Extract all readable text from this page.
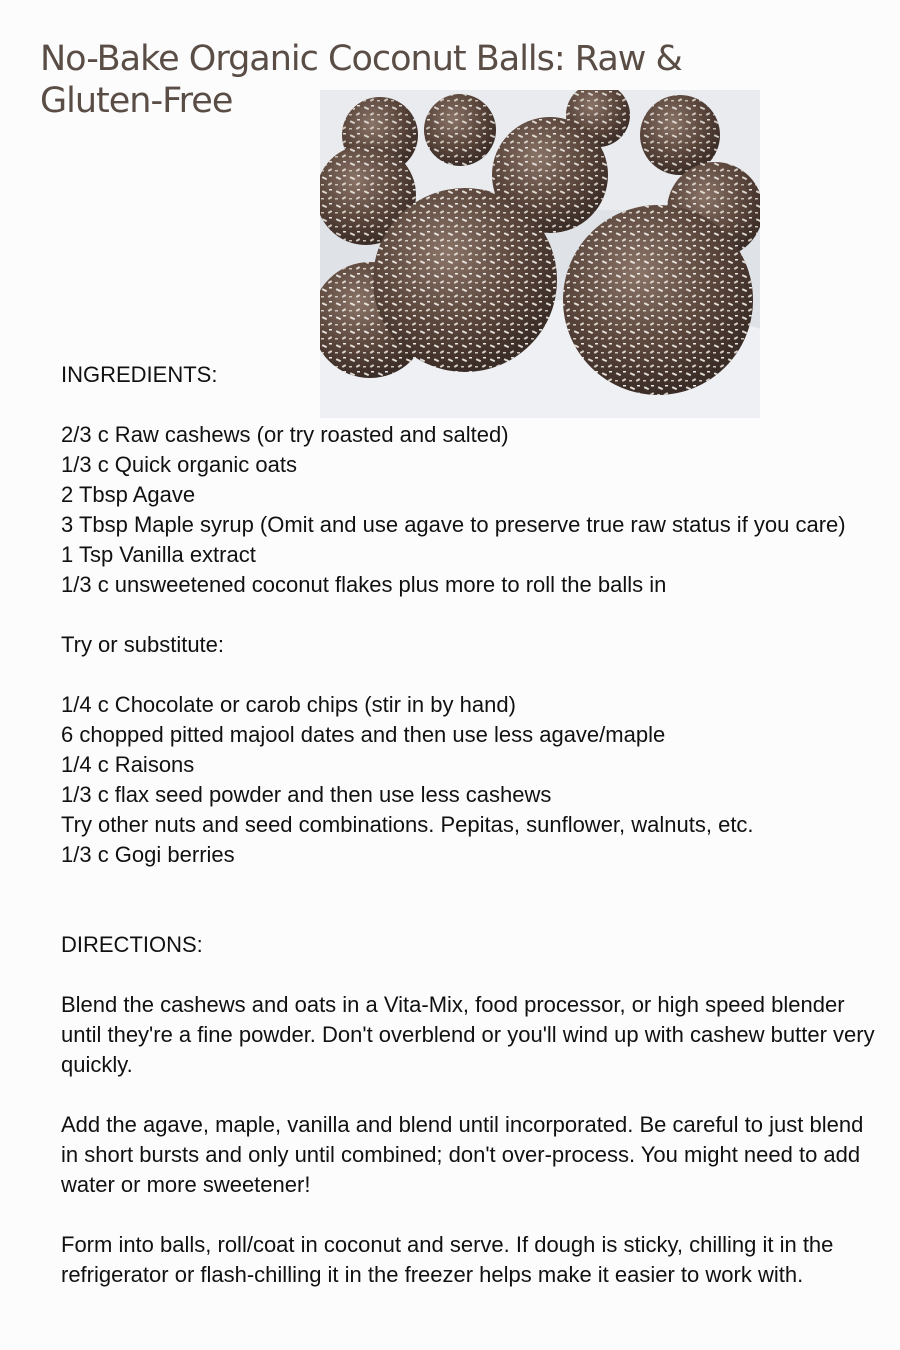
No-Bake Organic Coconut Balls: Raw & Gluten-Free
INGREDIENTS:
2/3 c Raw cashews (or try roasted and salted)
1/3 c Quick organic oats
2 Tbsp Agave
3 Tbsp Maple syrup (Omit and use agave to preserve true raw status if you care)
1 Tsp Vanilla extract
1/3 c unsweetened coconut flakes plus more to roll the balls in
Try or substitute:
1/4 c Chocolate or carob chips (stir in by hand)
6 chopped pitted majool dates and then use less agave/maple
1/4 c Raisons
1/3 c flax seed powder and then use less cashews
Try other nuts and seed combinations. Pepitas, sunflower, walnuts, etc.
1/3 c Gogi berries
DIRECTIONS:

Blend the cashews and oats in a Vita-Mix, food processor, or high speed blender until they're a fine powder. Don't overblend or you'll wind up with cashew butter very quickly.

Add the agave, maple, vanilla and blend until incorporated. Be careful to just blend in short bursts and only until combined; don't over-process. You might need to add water or more sweetener!

Form into balls, roll/coat in coconut and serve. If dough is sticky, chilling it in the refrigerator or flash-chilling it in the freezer helps make it easier to work with.
